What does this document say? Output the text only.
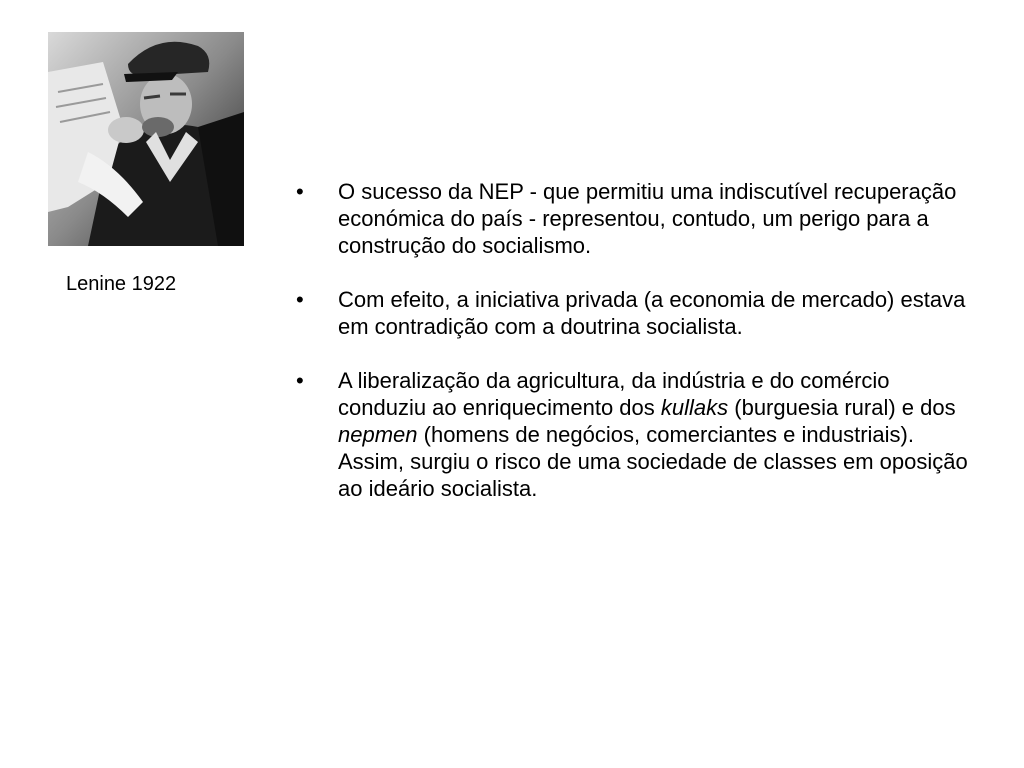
Lenine 1922
•	O sucesso da NEP - que permitiu uma indiscutível recuperação económica do país - representou, contudo, um perigo para a construção do socialismo.
•	Com efeito, a iniciativa privada (a economia de mercado) estava em contradição com a doutrina socialista.
•	A liberalização da agricultura, da indústria e do comércio conduziu ao enriquecimento dos kullaks (burguesia rural) e dos nepmen (homens de negócios, comerciantes e industriais). Assim, surgiu o risco de uma sociedade de classes em oposição ao ideário socialista.
